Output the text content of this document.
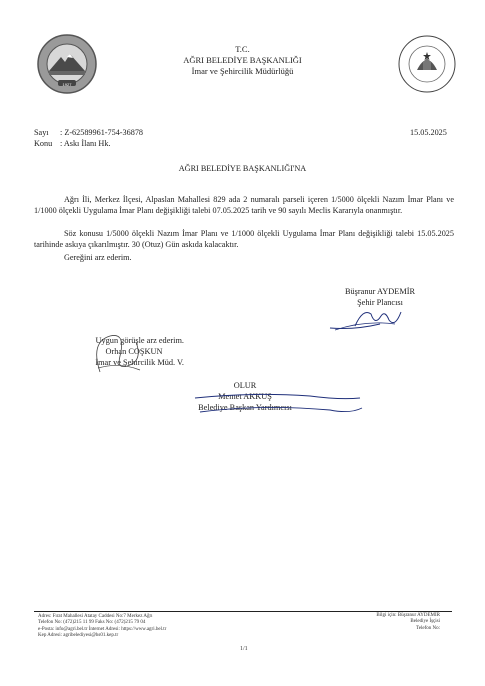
1927
T.C.
AĞRI BELEDİYE BAŞKANLIĞI
İmar ve Şehircilik Müdürlüğü
Sayı : Z-62589961-754-36878
Konu : Askı İlanı Hk.
15.05.2025
AĞRI BELEDİYE BAŞKANLIĞI'NA
Ağrı İli, Merkez İlçesi, Alpaslan Mahallesi 829 ada 2 numaralı parseli içeren 1/5000 ölçekli Nazım İmar Planı ve 1/1000 ölçekli Uygulama İmar Planı değişikliği talebi 07.05.2025 tarih ve 90 sayılı Meclis Kararıyla onanmıştır.
Söz konusu 1/5000 ölçekli Nazım İmar Planı ve 1/1000 ölçekli Uygulama İmar Planı değişikliği talebi 15.05.2025 tarihinde askıya çıkarılmıştır. 30 (Otuz) Gün askıda kalacaktır.
Gereğini arz ederim.
Büşranur AYDEMİR
Şehir Plancısı
Uygun görüşle arz ederim.
Orhan COŞKUN
İmar ve Şehircilik Müd. V.
OLUR
Memet AKKUŞ
Belediye Başkan Yardımcısı
Adres: Fırat Mahallesi Atatay Caddesi No:7 Merkez Ağrı
Telefon No: (472)215 11 99 Faks No: (472)215 79 04
e-Posta: info@agri.bel.tr İnternet Adresi: https://www.agri.bel.tr
Kep Adresi: agribelediyesi@hs01.kep.tr
Bilgi için: Büşranur AYDEMİR
Belediye İşçisi
Telefon No:
1/1
